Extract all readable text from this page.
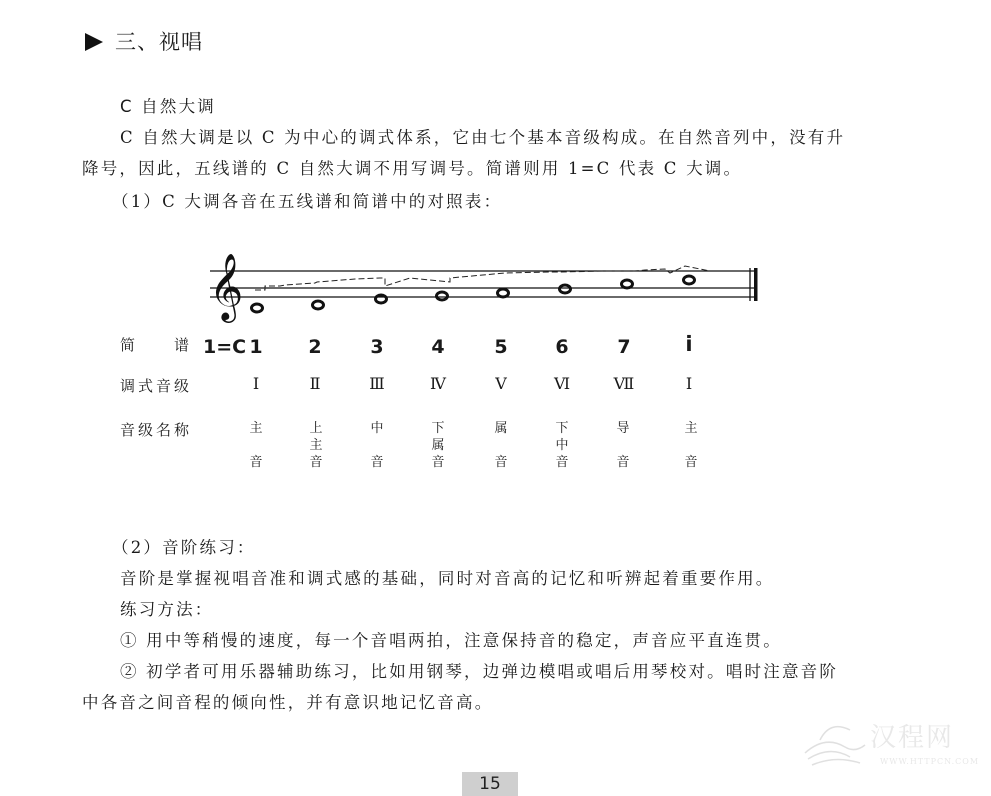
三、视唱
C 自然大调
C 自然大调是以 C 为中心的调式体系，它由七个基本音级构成。在自然音列中，没有升
降号，因此，五线谱的 C 自然大调不用写调号。简谱则用 1=C 代表 C 大调。
（1）C 大调各音在五线谱和简谱中的对照表：
𝄞
简　　谱 1=C
调式音级
音级名称
1
Ⅰ
主
音
2
Ⅱ
上
主
音
3
Ⅲ
中
音
4
Ⅳ
下
属
音
5
Ⅴ
属
音
6
Ⅵ
下
中
音
7
Ⅶ
导
音
i̇
Ⅰ
主
音
（2）音阶练习：
音阶是掌握视唱音准和调式感的基础，同时对音高的记忆和听辨起着重要作用。
练习方法：
① 用中等稍慢的速度，每一个音唱两拍，注意保持音的稳定，声音应平直连贯。
② 初学者可用乐器辅助练习，比如用钢琴，边弹边模唱或唱后用琴校对。唱时注意音阶
中各音之间音程的倾向性，并有意识地记忆音高。
汉程网
WWW.HTTPCN.COM
15
